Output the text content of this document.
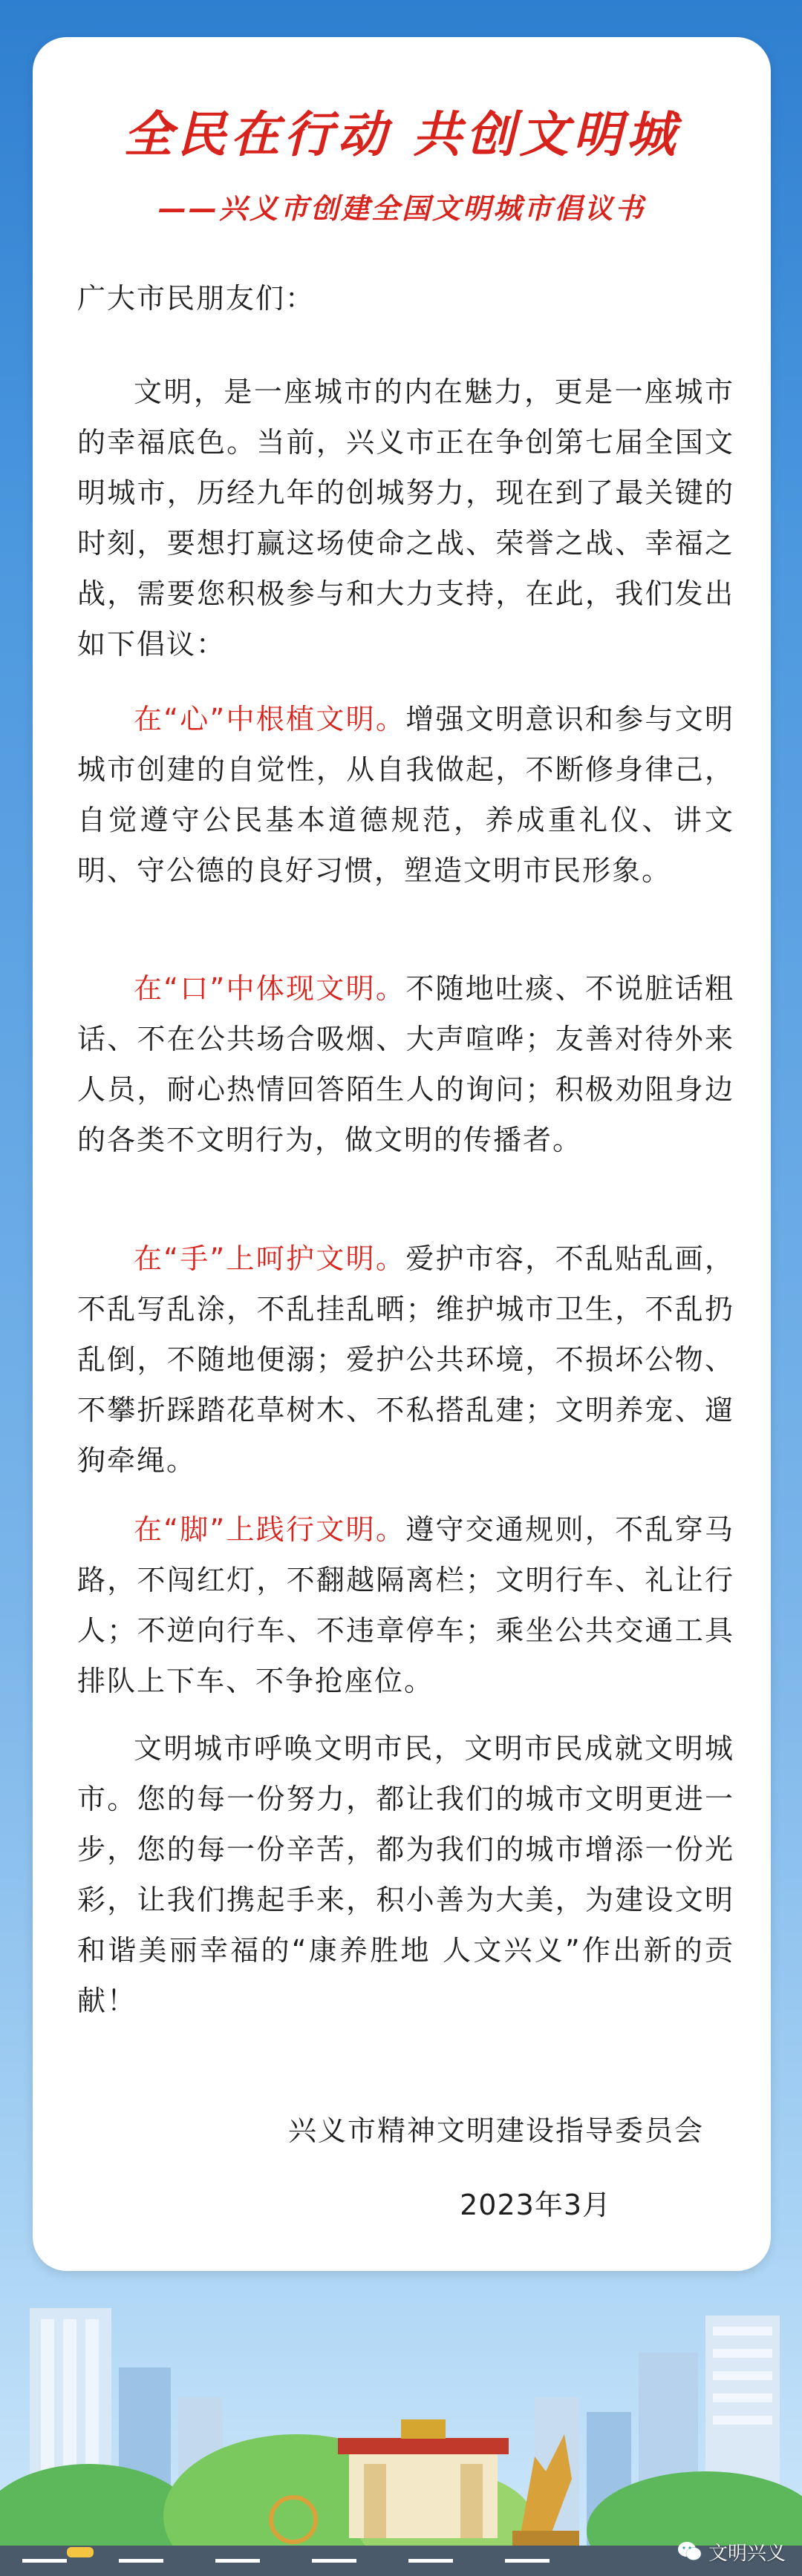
全民在行动 共创文明城
——兴义市创建全国文明城市倡议书

广大市民朋友们：

文明，是一座城市的内在魅力，更是一座城市的幸福底色。当前，兴义市正在争创第七届全国文明城市，历经九年的创城努力，现在到了最关键的时刻，要想打赢这场使命之战、荣誉之战、幸福之战，需要您积极参与和大力支持，在此，我们发出如下倡议：

在“心”中根植文明。增强文明意识和参与文明城市创建的自觉性，从自我做起，不断修身律己，自觉遵守公民基本道德规范，养成重礼仪、讲文明、守公德的良好习惯，塑造文明市民形象。

在“口”中体现文明。不随地吐痰、不说脏话粗话、不在公共场合吸烟、大声喧哗；友善对待外来人员，耐心热情回答陌生人的询问；积极劝阻身边的各类不文明行为，做文明的传播者。

在“手”上呵护文明。爱护市容，不乱贴乱画，不乱写乱涂，不乱挂乱晒；维护城市卫生，不乱扔乱倒，不随地便溺；爱护公共环境，不损坏公物、不攀折踩踏花草树木、不私搭乱建；文明养宠、遛狗牵绳。

在“脚”上践行文明。遵守交通规则，不乱穿马路，不闯红灯，不翻越隔离栏；文明行车、礼让行人；不逆向行车、不违章停车；乘坐公共交通工具排队上下车、不争抢座位。

文明城市呼唤文明市民，文明市民成就文明城市。您的每一份努力，都让我们的城市文明更进一步，您的每一份辛苦，都为我们的城市增添一份光彩，让我们携起手来，积小善为大美，为建设文明和谐美丽幸福的“康养胜地 人文兴义”作出新的贡献！

兴义市精神文明建设指导委员会

2023年3月

文明兴义
